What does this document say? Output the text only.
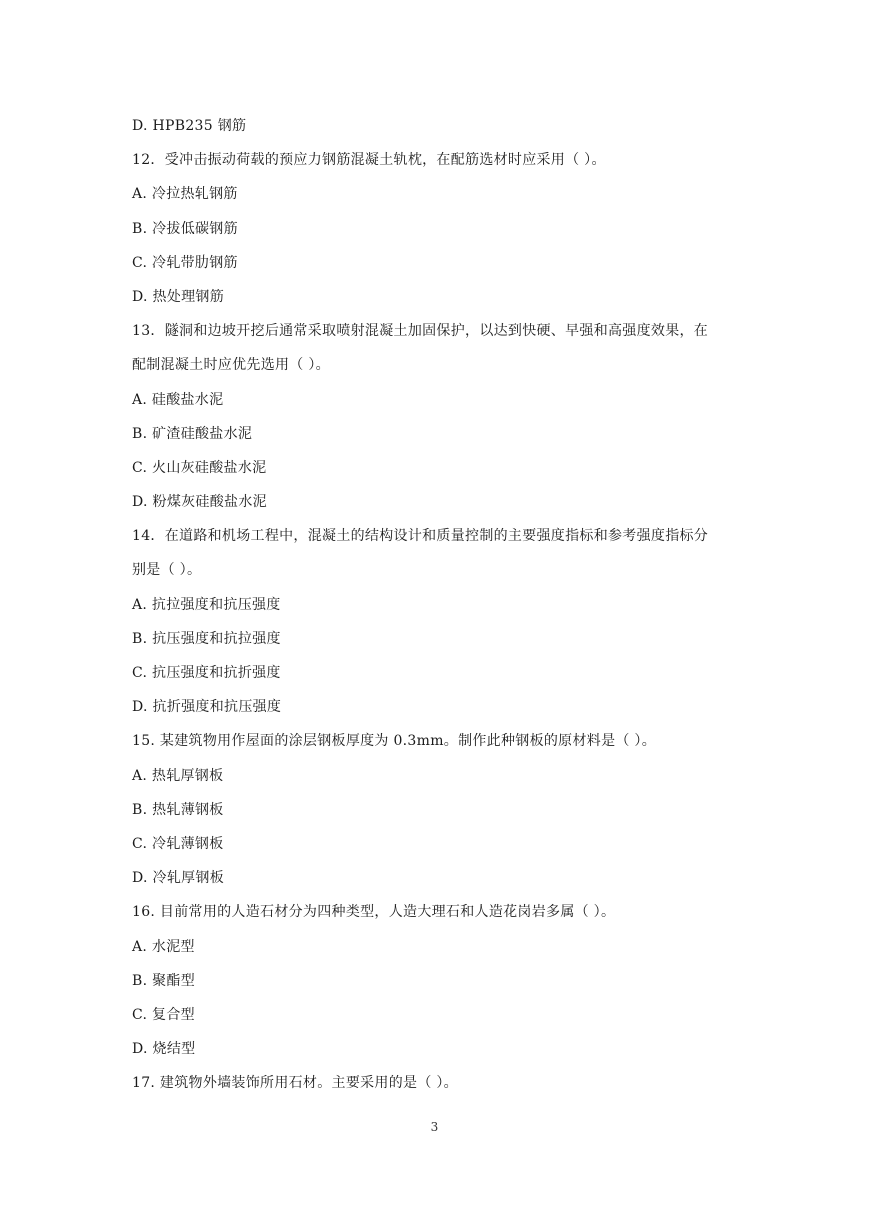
D. HPB235 钢筋
12．受冲击振动荷载的预应力钢筋混凝土轨枕，在配筋选材时应采用（ ）。
A. 冷拉热轧钢筋
B. 冷拔低碳钢筋
C. 冷轧带肋钢筋
D. 热处理钢筋
13．隧洞和边坡开挖后通常采取喷射混凝土加固保护，以达到快硬、早强和高强度效果，在
配制混凝土时应优先选用（ ）。
A. 硅酸盐水泥
B. 矿渣硅酸盐水泥
C. 火山灰硅酸盐水泥
D. 粉煤灰硅酸盐水泥
14．在道路和机场工程中，混凝土的结构设计和质量控制的主要强度指标和参考强度指标分
别是（ ）。
A. 抗拉强度和抗压强度
B. 抗压强度和抗拉强度
C. 抗压强度和抗折强度
D. 抗折强度和抗压强度
15. 某建筑物用作屋面的涂层钢板厚度为 0.3mm。制作此种钢板的原材料是（ ）。
A. 热轧厚钢板
B. 热轧薄钢板
C. 冷轧薄钢板
D. 冷轧厚钢板
16. 目前常用的人造石材分为四种类型，人造大理石和人造花岗岩多属（ ）。
A. 水泥型
B. 聚酯型
C. 复合型
D. 烧结型
17. 建筑物外墙装饰所用石材。主要采用的是（ ）。
3
